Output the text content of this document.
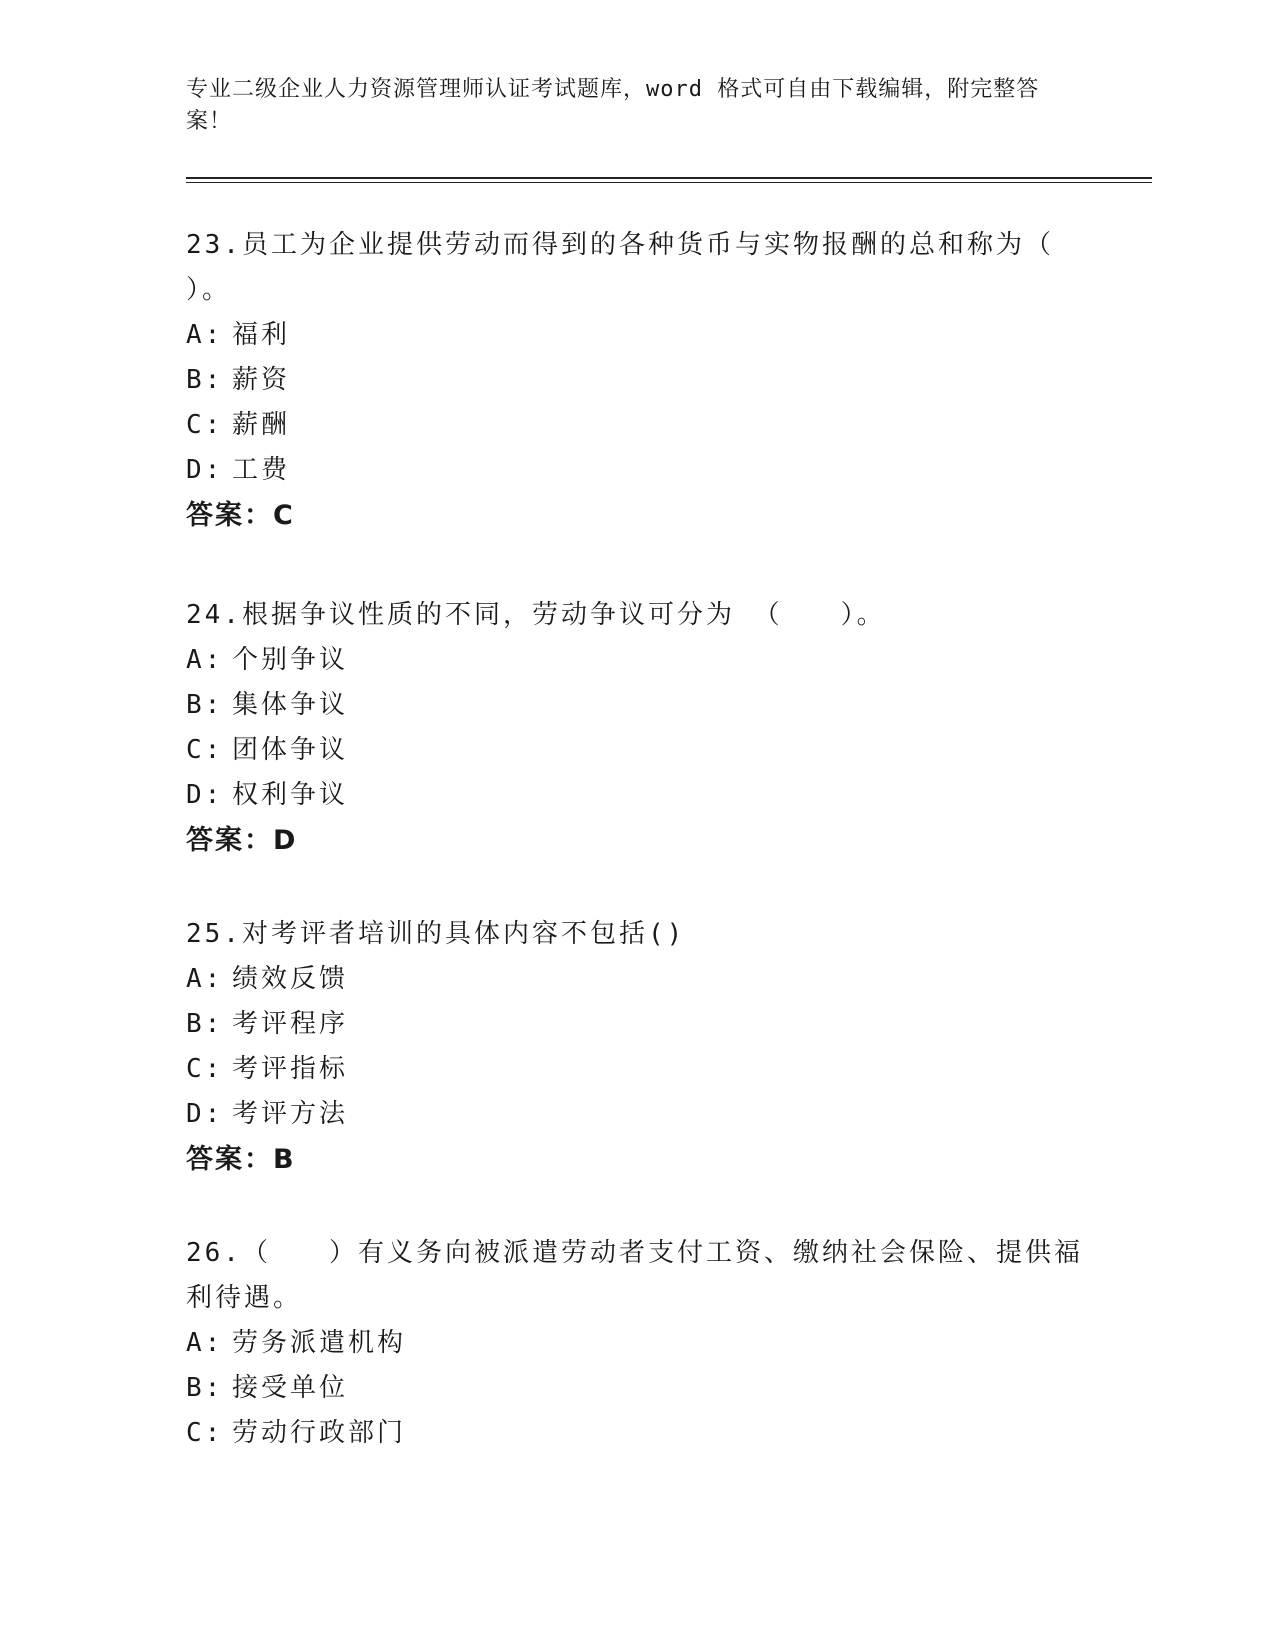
专业二级企业人力资源管理师认证考试题库，word 格式可自由下载编辑，附完整答案！
23.员工为企业提供劳动而得到的各种货币与实物报酬的总和称为（ ）。
A: 福利
B: 薪资
C: 薪酬
D: 工费
答案：C
24.根据争议性质的不同，劳动争议可分为 （　　）。
A: 个别争议
B: 集体争议
C: 团体争议
D: 权利争议
答案：D
25.对考评者培训的具体内容不包括()
A: 绩效反馈
B: 考评程序
C: 考评指标
D: 考评方法
答案：B
26.（　　）有义务向被派遣劳动者支付工资、缴纳社会保险、提供福利待遇。
A: 劳务派遣机构
B: 接受单位
C: 劳动行政部门
